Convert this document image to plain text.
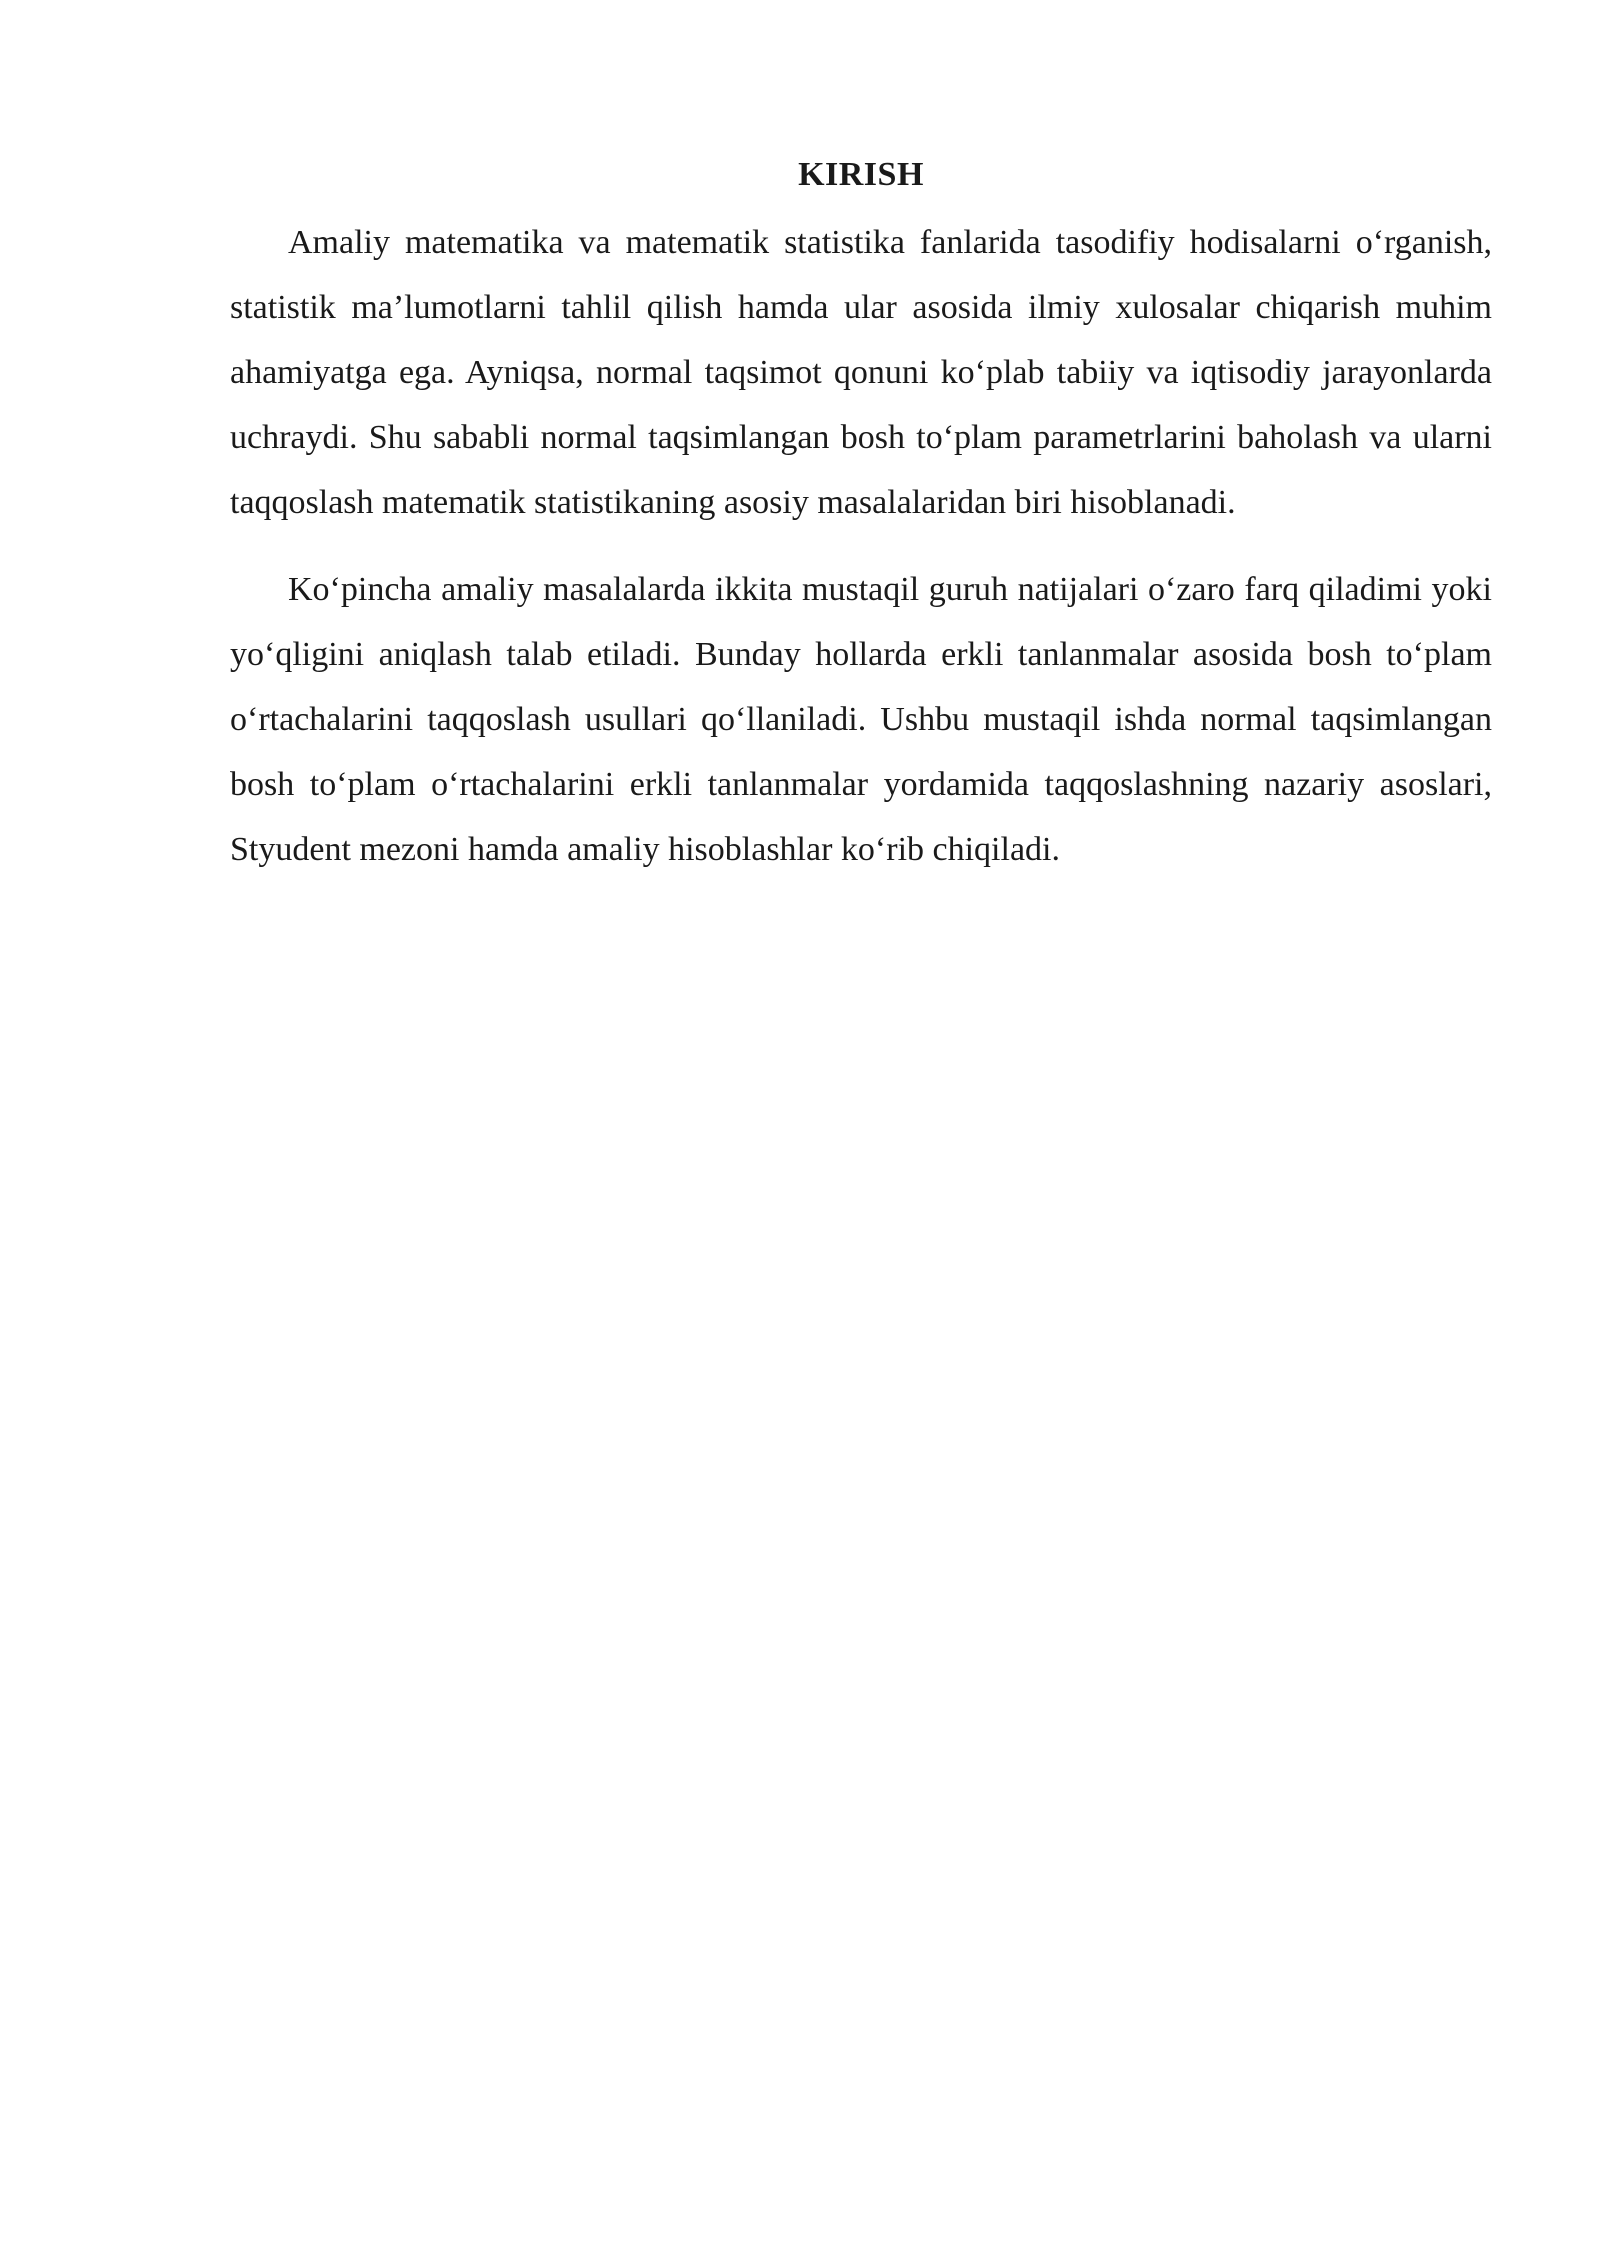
KIRISH

Amaliy matematika va matematik statistika fanlarida tasodifiy hodisalarni o‘rganish, statistik ma’lumotlarni tahlil qilish hamda ular asosida ilmiy xulosalar chiqarish muhim ahamiyatga ega. Ayniqsa, normal taqsimot qonuni ko‘plab tabiiy va iqtisodiy jarayonlarda uchraydi. Shu sababli normal taqsimlangan bosh to‘plam parametrlarini baholash va ularni taqqoslash matematik statistikaning asosiy masalalaridan biri hisoblanadi.

Ko‘pincha amaliy masalalarda ikkita mustaqil guruh natijalari o‘zaro farq qiladimi yoki yo‘qligini aniqlash talab etiladi. Bunday hollarda erkli tanlanmalar asosida bosh to‘plam o‘rtachalarini taqqoslash usullari qo‘llaniladi. Ushbu mustaqil ishda normal taqsimlangan bosh to‘plam o‘rtachalarini erkli tanlanmalar yordamida taqqoslashning nazariy asoslari, Styudent mezoni hamda amaliy hisoblashlar ko‘rib chiqiladi.
